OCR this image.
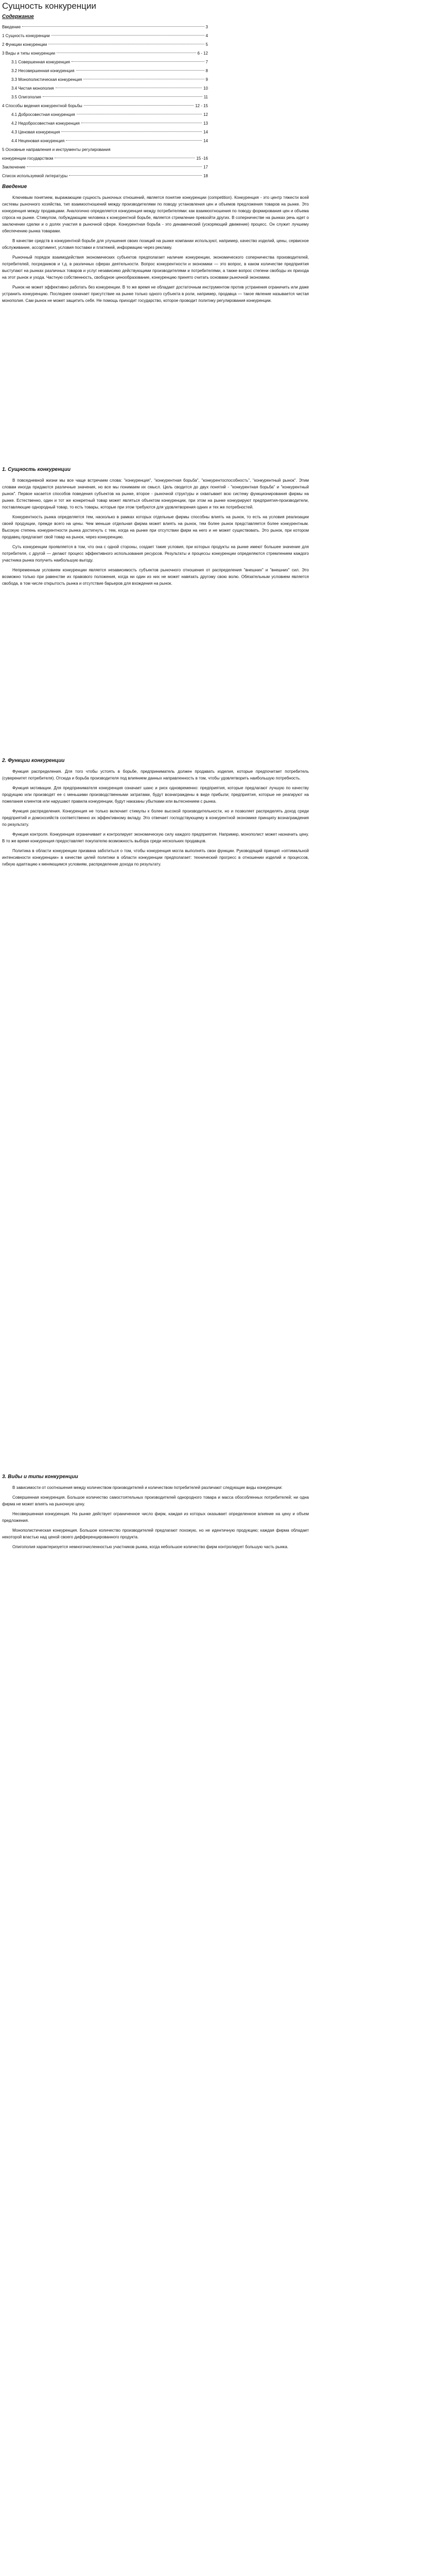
Сущность конкуренции
Содержание
Введение	3
1 Сущность конкуренции	4
2 Функции конкуренции	5
3 Виды и типы конкуренции	6 - 12
3.1 Совершенная конкуренция	7
3.2 Несовершенная конкуренция	8
3.3 Монополистическая конкуренция	9
3.4 Чистая монополия	10
3.5 Олигополия	11
4 Способы ведения конкурентной борьбы	12 - 15
4.1 Добросовестная конкуренция	12
4.2 Недобросовестная конкуренция	13
4.3 Ценовая конкуренция	14
4.4 Неценовая конкуренция	14
5 Основные направления и инструменты регулирования
конкуренции государством	15 -16
Заключение	17
Список используемой литературы	18
Введение

Ключевым понятием, выражающим сущность рыночных отношений, является понятие конкуренции (competition). Конкуренция - это центр тяжести всей системы рыночного хозяйства, тип взаимоотношений между производителями по поводу установления цен и объемов предложения товаров на рынке. Это конкуренция между продавцами. Аналогично определяется конкуренция между потребителями: как взаимоотношения по поводу формирования цен и объема спроса на рынке. Стимулом, побуждающим человека к конкурентной борьбе, является стремление превзойти других. В соперничестве на рынках речь идет о заключении сделки и о долях участия в рыночной сфере. Конкурентная борьба - это динамический (ускоряющий движение) процесс. Он служит лучшему обеспечению рынка товарами.

В качестве средств в конкурентной борьбе для улучшения своих позиций на рынке компании используют, например, качество изделий, цены, сервисное обслуживание, ассортимент, условия поставки и платежей, информацию через рекламу.

Рыночный порядок взаимодействия экономических субъектов предполагает наличие конкуренции, экономического соперничества производителей, потребителей, посредников и т.д. в различных сферах деятельности. Вопрос конкурентности и экономики — это вопрос, в каком количестве предприятия выступают на рынках различных товаров и услуг независимо действующими производителями и потребителями, а также вопрос степени свободы их прихода на этот рынок и ухода. Частную собственность, свободное ценообразование, конкуренцию принято считать основами рыночной экономики.

Рынок не может эффективно работать без конкуренции. В то же время не обладает достаточным инструментом против устранения ограничить или даже устранить конкуренцию. Последнее означает присутствие на рынке только одного субъекта в роли, например, продавца — такое явление называется чистая монополия. Сам рынок не может защитить себя. Не помощь приходит государство, которое проводит политику регулирования конкуренции.

1. Сущность конкуренции

В повседневной жизни мы все чаще встречаем слова: "конкуренция", "конкурентная борьба", "конкурентоспособность", "конкурентный рынок". Этим словам иногда придаются различные значения, но все мы понимаем их смысл. Цель сводится до двух понятий - "конкурентная борьба" и "конкурентный рынок". Первое касается способов поведения субъектов на рынке, второе - рыночной структуры и охватывает всю систему функционирования фирмы на рынке. Естественно, один и тот же конкретный товар может являться объектом конкуренции, при этом на рынке конкурируют предприятия-производители, поставляющие однородный товар, то есть товары, которые при этом требуются для удовлетворения одних и тех же потребностей.

Конкурентность рынка определяется тем, насколько в рамках которых отдельные фирмы способны влиять на рынок, то есть на условия реализации своей продукции, прежде всего на цены. Чем меньше отдельная фирма может влиять на рынок, тем более рынок представляется более конкурентным. Высокую степень конкурентности рынка достигнуть с тем, когда на рынке при отсутствии фирм на него и не может существовать. Это рынок, при котором продавец предлагает свой товар на рынок, через конкуренцию.

Суть конкуренции проявляется в том, что она с одной стороны, создает такие условия, при которых продукты на рынке имеют большее значение для потребителя, с другой — делают процесс эффективного использования ресурсов. Результаты и процессы конкуренции определяются стремлением каждого участника рынка получить наибольшую выгоду.

Непременным условием конкуренции является независимость субъектов рыночного отношения от распределения "внешних" и "внешних" сил. Это возможно только при равенстве их правового положения, когда ни один из них не может навязать другому свою волю. Обязательным условием является свобода, в том числе открытость рынка и отсутствие барьеров для вхождения на рынок.

2. Функции конкуренции

Функция распределения. Для того чтобы устоять в борьбе, предприниматель должен продавать изделия, которые предпочитает потребитель (суверенитет потребителя). Отсюда и борьба производителя под влиянием данных направленность в том, чтобы удовлетворить наибольшую потребность.

Функция мотивации. Для предпринимателя конкуренция означает шанс и риск одновременно: предприятия, которые предлагают лучшую по качеству продукцию или производят ее с меньшими производственными затратами, будут вознаграждены в виде прибыли; предприятия, которые не реагируют на пожелания клиентов или нарушают правила конкуренции, будут наказаны убытками или вытеснением с рынка.

Функция распределения. Конкуренция не только включает стимулы к более высокой производительности, но и позволяет распределять доход среди предприятий и домохозяйств соответственно их эффективному вкладу. Это отвечает господствующему в конкурентной экономике принципу вознаграждения по результату.

Функция контроля. Конкуренция ограничивает и контролирует экономическую силу каждого предприятия. Например, монополист может назначить цену. В то же время конкуренция предоставляет покупателю возможность выбора среди нескольких продавцов.

Политика в области конкуренции призвана заботиться о том, чтобы конкуренция могла выполнять свои функции. Руководящий принцип «оптимальной интенсивности конкуренции» в качестве целей политики в области конкуренции предполагает: технический прогресс в отношении изделий и процессов, гибкую адаптацию к меняющимся условиям, распределение дохода по результату.

3. Виды и типы конкуренции

В зависимости от соотношения между количеством производителей и количеством потребителей различают следующие виды конкуренции:

Совершенная конкуренция. Большое количество самостоятельных производителей однородного товара и масса обособленных потребителей; ни одна фирма не может влиять на рыночную цену.

Несовершенная конкуренция. На рынке действует ограниченное число фирм, каждая из которых оказывает определенное влияние на цену и объем предложения.

Монополистическая конкуренция. Большое количество производителей предлагают похожую, но не идентичную продукцию; каждая фирма обладает некоторой властью над ценой своего дифференцированного продукта.

Олигополия характеризуется немногочисленностью участников рынка, когда небольшое количество фирм контролирует большую часть рынка.
